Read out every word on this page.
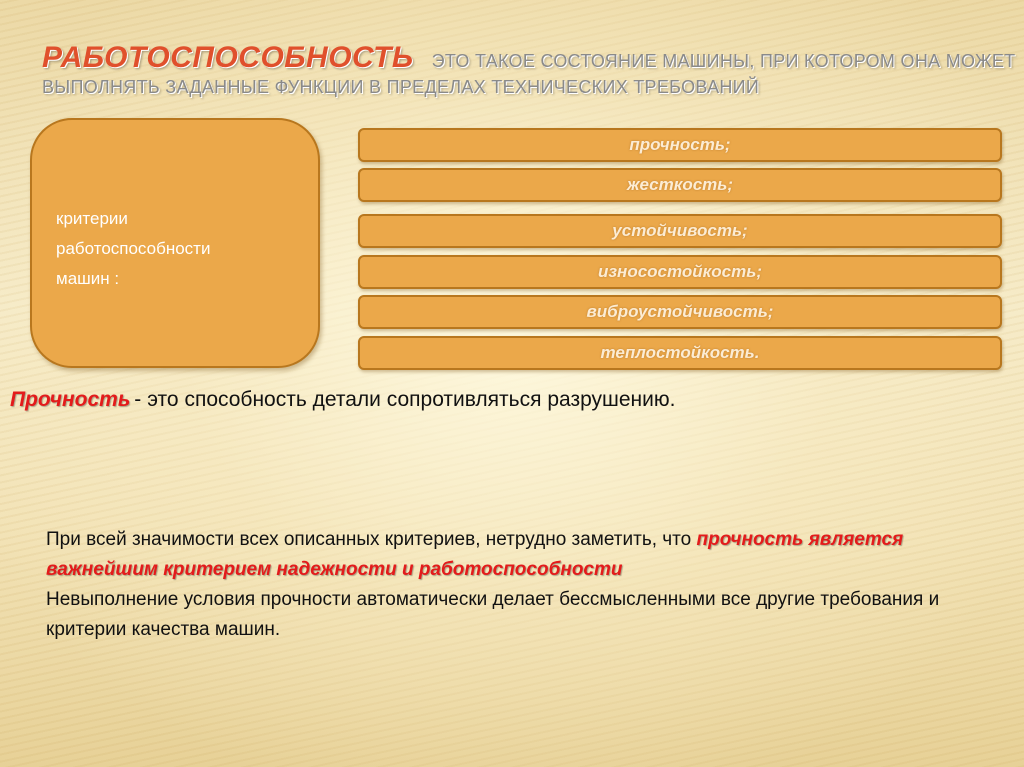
РАБОТОСПОСОБНОСТЬ ЭТО ТАКОЕ СОСТОЯНИЕ МАШИНЫ, ПРИ КОТОРОМ ОНА МОЖЕТ
ВЫПОЛНЯТЬ ЗАДАННЫЕ ФУНКЦИИ В ПРЕДЕЛАХ ТЕХНИЧЕСКИХ ТРЕБОВАНИЙ
критерии
работоспособности
машин :
прочность;
жесткость;
устойчивость;
износостойкость;
виброустойчивость;
теплостойкость.
Прочность - это способность детали сопротивляться разрушению.
При всей значимости всех описанных критериев, нетрудно заметить, что прочность является важнейшим критерием надежности и работоспособности
Невыполнение условия прочности автоматически делает бессмысленными все другие требования и критерии качества машин.
